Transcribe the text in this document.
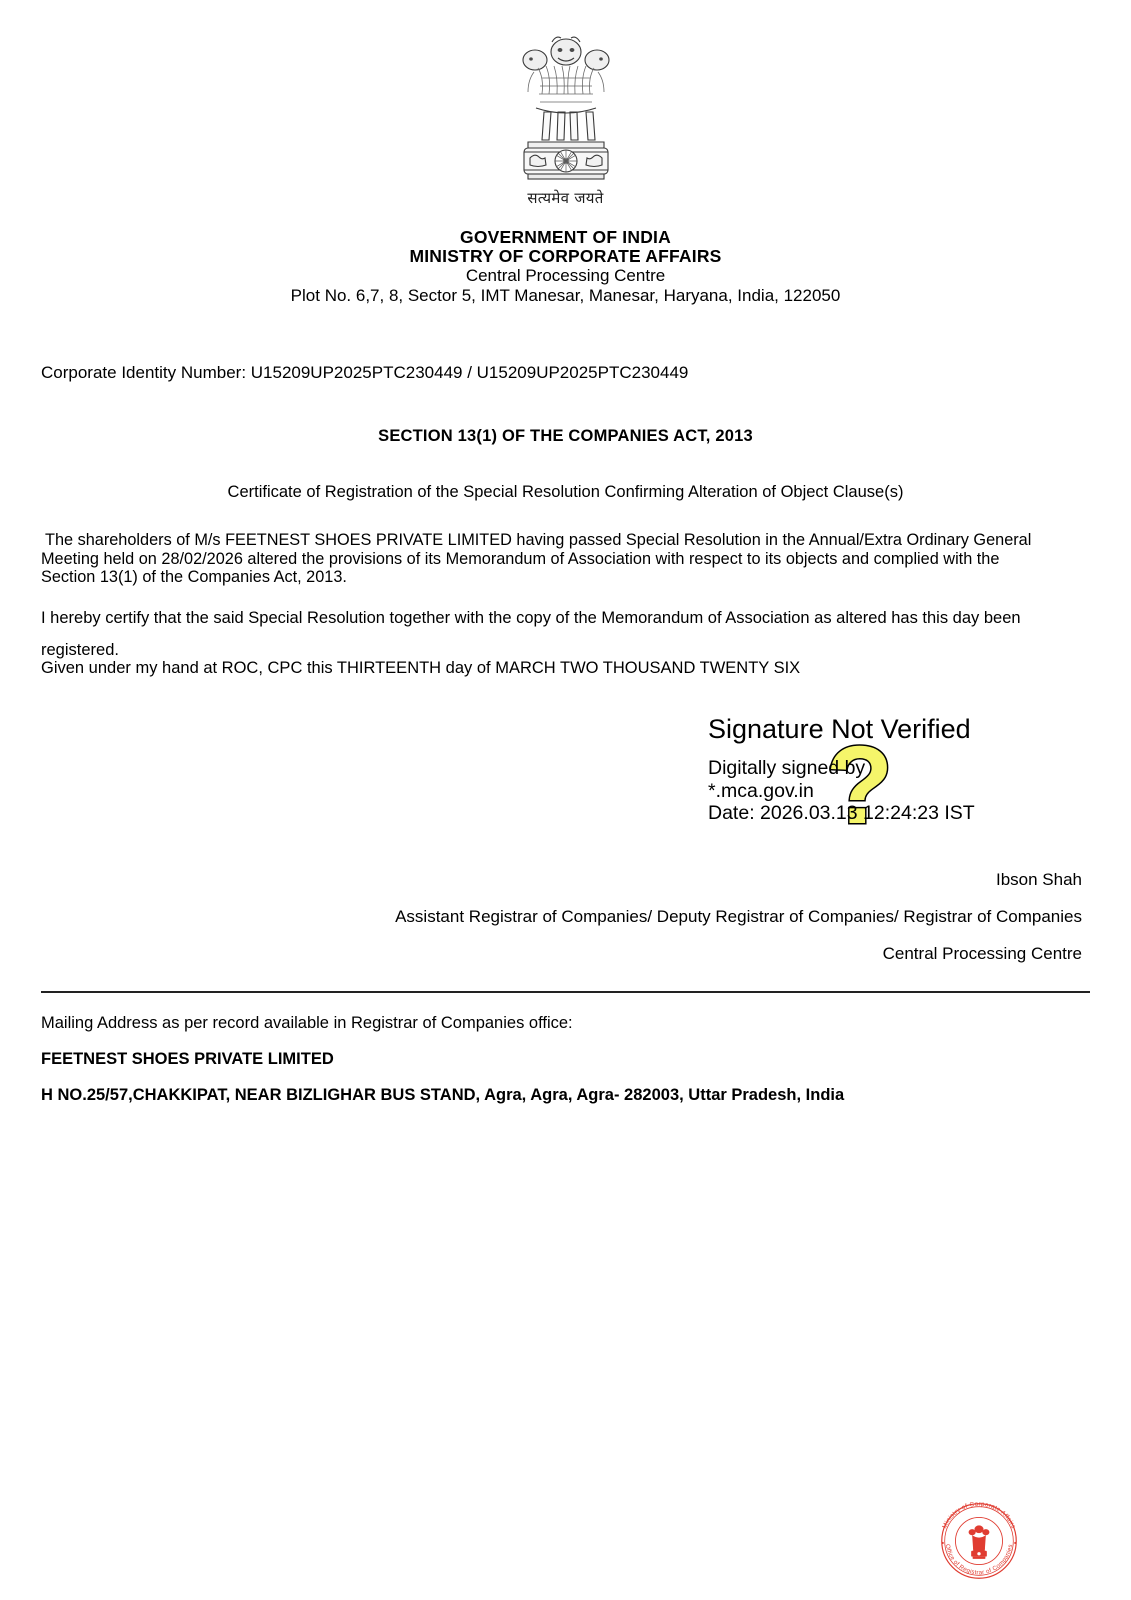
सत्यमेव जयते
GOVERNMENT OF INDIA
MINISTRY OF CORPORATE AFFAIRS
Central Processing Centre
Plot No. 6,7, 8, Sector 5, IMT Manesar, Manesar, Haryana, India, 122050
Corporate Identity Number: U15209UP2025PTC230449 / U15209UP2025PTC230449
SECTION 13(1) OF THE COMPANIES ACT, 2013
Certificate of Registration of the Special Resolution Confirming Alteration of Object Clause(s)
The shareholders of M/s FEETNEST SHOES PRIVATE LIMITED having passed Special Resolution in the Annual/Extra Ordinary General Meeting held on 28/02/2026 altered the provisions of its Memorandum of Association with respect to its objects and complied with the Section 13(1) of the Companies Act, 2013.
I hereby certify that the said Special Resolution together with the copy of the Memorandum of Association as altered has this day been registered.
Given under my hand at ROC, CPC this THIRTEENTH day of MARCH TWO THOUSAND TWENTY SIX
?
Signature Not Verified
Digitally signed by
*.mca.gov.in
Date: 2026.03.13 12:24:23 IST
Ibson Shah
Assistant Registrar of Companies/ Deputy Registrar of Companies/ Registrar of Companies
Central Processing Centre
Mailing Address as per record available in Registrar of Companies office:
FEETNEST SHOES PRIVATE LIMITED
H NO.25/57,CHAKKIPAT, NEAR BIZLIGHAR BUS STAND, Agra, Agra, Agra- 282003, Uttar Pradesh, India
Ministry of Corporate Affairs
Office of Registrar of Companies
